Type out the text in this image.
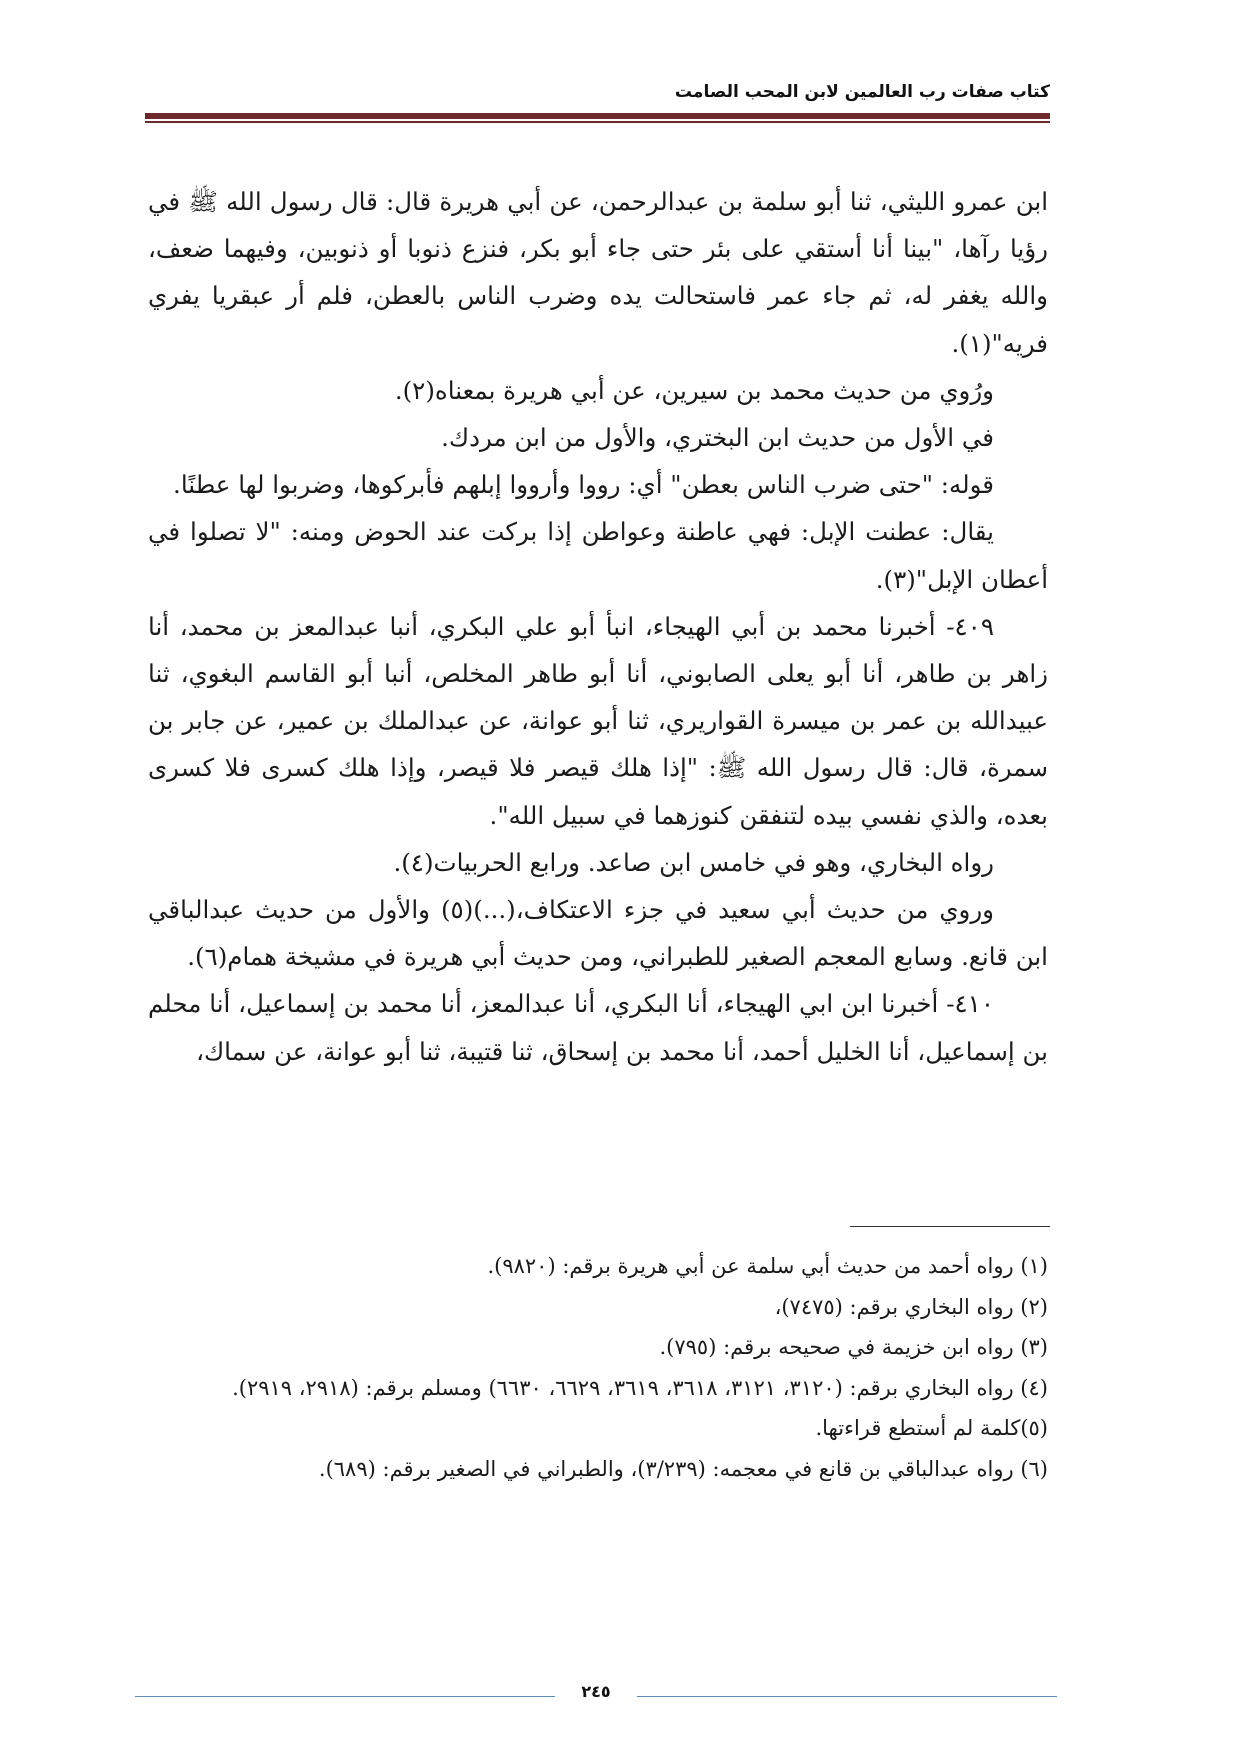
كتاب صفات رب العالمين لابن المحب الصامت

ابن عمرو الليثي، ثنا أبو سلمة بن عبدالرحمن، عن أبي هريرة قال: قال رسول الله ﷺ في رؤيا رآها، "بينا أنا أستقي على بئر حتى جاء أبو بكر، فنزع ذنوبا أو ذنوبين، وفيهما ضعف، والله يغفر له، ثم جاء عمر فاستحالت يده وضرب الناس بالعطن، فلم أر عبقريا يفري فريه"(١).

ورُوي من حديث محمد بن سيرين، عن أبي هريرة بمعناه(٢).

في الأول من حديث ابن البختري، والأول من ابن مردك.

قوله: "حتى ضرب الناس بعطن" أي: رووا وأرووا إبلهم فأبركوها، وضربوا لها عطنًا.

يقال: عطنت الإبل: فهي عاطنة وعواطن إذا بركت عند الحوض ومنه: "لا تصلوا في أعطان الإبل"(٣).

٤٠٩- أخبرنا محمد بن أبي الهيجاء، انبأ أبو علي البكري، أنبا عبدالمعز بن محمد، أنا زاهر بن طاهر، أنا أبو يعلى الصابوني، أنا أبو طاهر المخلص، أنبا أبو القاسم البغوي، ثنا عبيدالله بن عمر بن ميسرة القواريري، ثنا أبو عوانة، عن عبدالملك بن عمير، عن جابر بن سمرة، قال: قال رسول الله ﷺ: "إذا هلك قيصر فلا قيصر، وإذا هلك كسرى فلا كسرى بعده، والذي نفسي بيده لتنفقن كنوزهما في سبيل الله".

رواه البخاري، وهو في خامس ابن صاعد. ورابع الحربيات(٤).

وروي من حديث أبي سعيد في جزء الاعتكاف،(...)(٥) والأول من حديث عبدالباقي ابن قانع. وسابع المعجم الصغير للطبراني، ومن حديث أبي هريرة في مشيخة همام(٦).

٤١٠- أخبرنا ابن ابي الهيجاء، أنا البكري، أنا عبدالمعز، أنا محمد بن إسماعيل، أنا محلم بن إسماعيل، أنا الخليل أحمد، أنا محمد بن إسحاق، ثنا قتيبة، ثنا أبو عوانة، عن سماك،

(١) رواه أحمد من حديث أبي سلمة عن أبي هريرة برقم: (٩٨٢٠).

(٢) رواه البخاري برقم: (٧٤٧٥)،

(٣) رواه ابن خزيمة في صحيحه برقم: (٧٩٥).

(٤) رواه البخاري برقم: (٣١٢٠، ٣١٢١، ٣٦١٨، ٣٦١٩، ٦٦٢٩، ٦٦٣٠) ومسلم برقم: (٢٩١٨، ٢٩١٩).

(٥)كلمة لم أستطع قراءتها.

(٦) رواه عبدالباقي بن قانع في معجمه: (٣/٢٣٩)، والطبراني في الصغير برقم: (٦٨٩).

٢٤٥
